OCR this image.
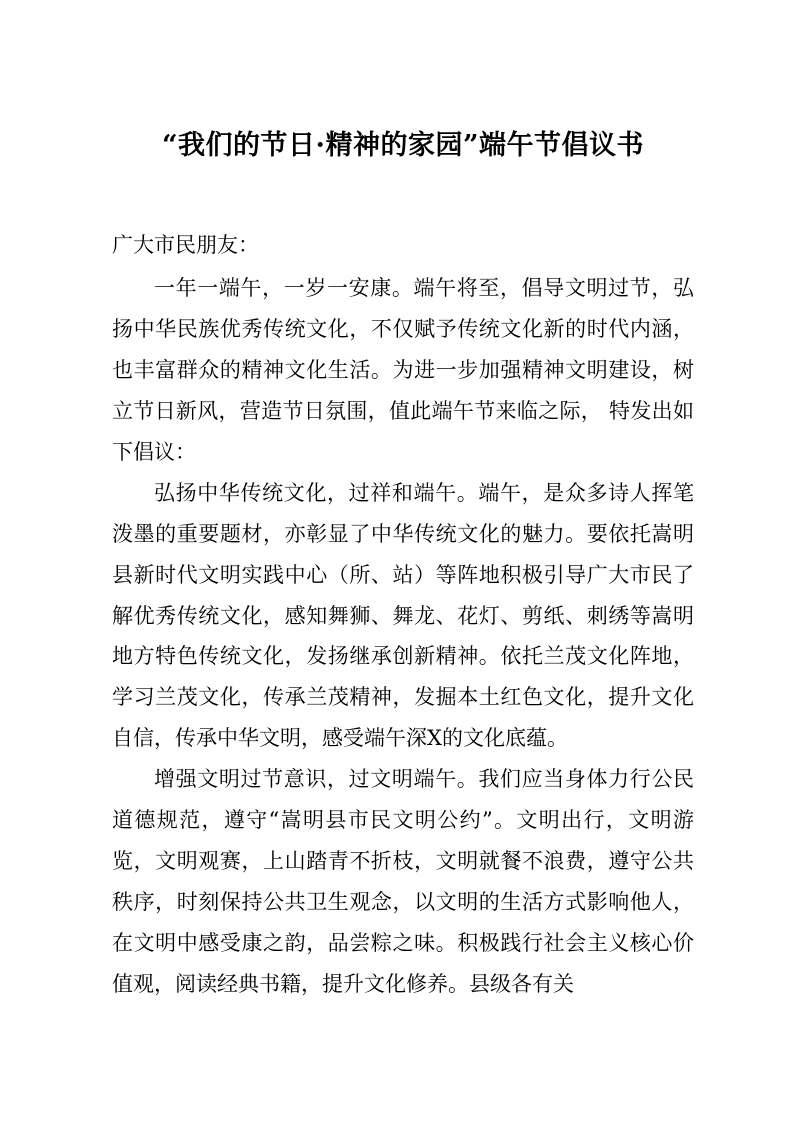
“我们的节日·精神的家园”端午节倡议书

广大市民朋友：

一年一端午，一岁一安康。端午将至，倡导文明过节，弘扬中华民族优秀传统文化，不仅赋予传统文化新的时代内涵，也丰富群众的精神文化生活。为进一步加强精神文明建设，树立节日新风，营造节日氛围，值此端午节来临之际， 特发出如下倡议：

弘扬中华传统文化，过祥和端午。端午，是众多诗人挥笔泼墨的重要题材，亦彰显了中华传统文化的魅力。要依托嵩明县新时代文明实践中心（所、站）等阵地积极引导广大市民了解优秀传统文化，感知舞狮、舞龙、花灯、剪纸、刺绣等嵩明地方特色传统文化，发扬继承创新精神。依托兰茂文化阵地，学习兰茂文化，传承兰茂精神，发掘本土红色文化，提升文化自信，传承中华文明，感受端午深X的文化底蕴。

增强文明过节意识，过文明端午。我们应当身体力行公民道德规范，遵守“嵩明县市民文明公约”。文明出行，文明游览，文明观赛，上山踏青不折枝，文明就餐不浪费，遵守公共秩序，时刻保持公共卫生观念，以文明的生活方式影响他人，在文明中感受康之韵，品尝粽之味。积极践行社会主义核心价值观，阅读经典书籍，提升文化修养。县级各有关
